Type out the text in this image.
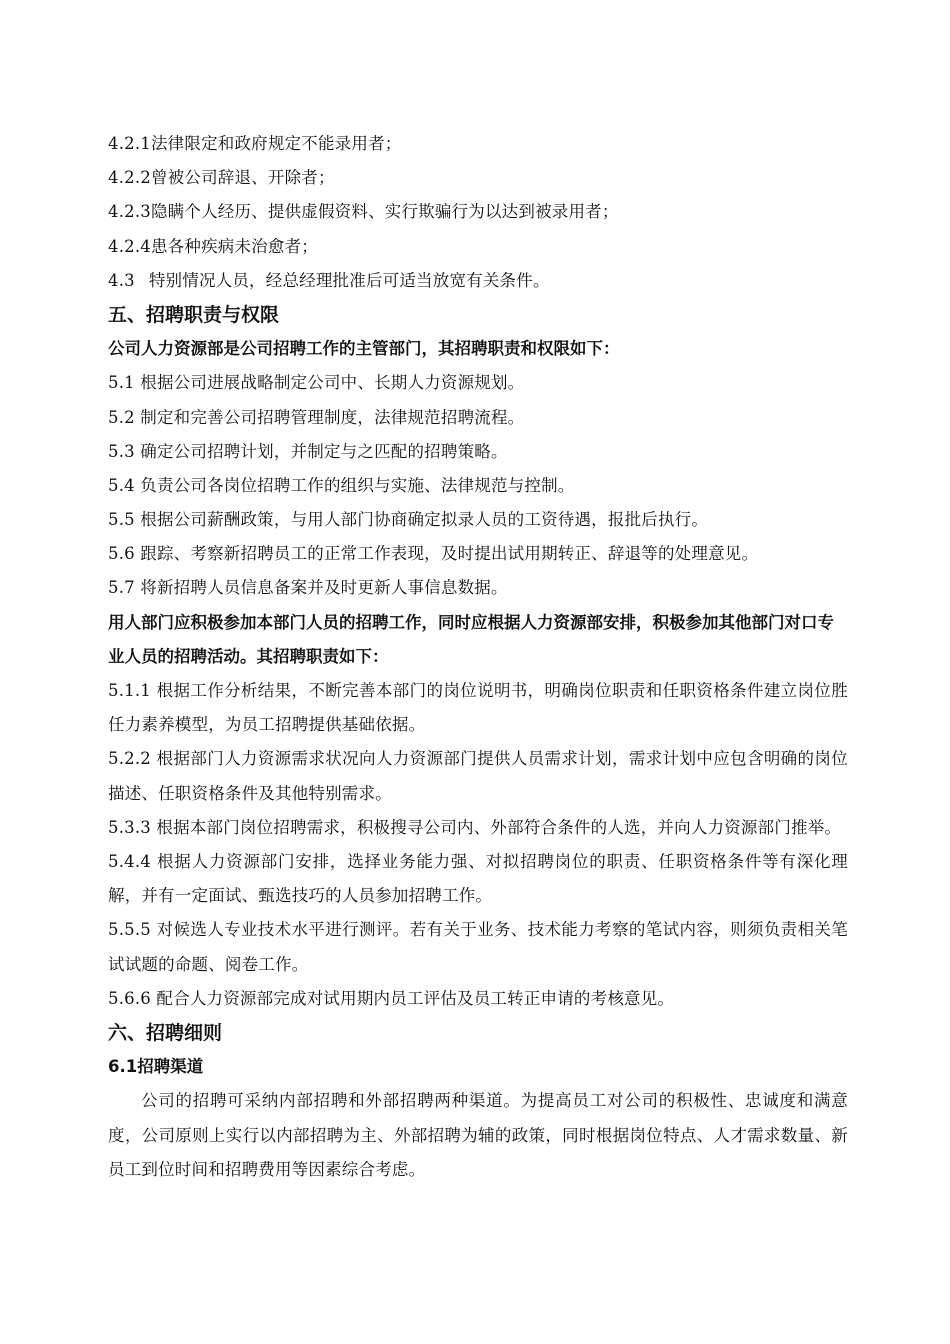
4.2.1法律限定和政府规定不能录用者；
4.2.2曾被公司辞退、开除者；
4.2.3隐瞒个人经历、提供虚假资料、实行欺骗行为以达到被录用者；
4.2.4患各种疾病未治愈者；
4.3 特别情况人员，经总经理批准后可适当放宽有关条件。
五、招聘职责与权限
公司人力资源部是公司招聘工作的主管部门，其招聘职责和权限如下：
5.1 根据公司进展战略制定公司中、长期人力资源规划。
5.2 制定和完善公司招聘管理制度，法律规范招聘流程。
5.3 确定公司招聘计划，并制定与之匹配的招聘策略。
5.4 负责公司各岗位招聘工作的组织与实施、法律规范与控制。
5.5 根据公司薪酬政策，与用人部门协商确定拟录人员的工资待遇，报批后执行。
5.6 跟踪、考察新招聘员工的正常工作表现，及时提出试用期转正、辞退等的处理意见。
5.7 将新招聘人员信息备案并及时更新人事信息数据。
用人部门应积极参加本部门人员的招聘工作，同时应根据人力资源部安排，积极参加其他部门对口专业人员的招聘活动。其招聘职责如下：
5.1.1 根据工作分析结果，不断完善本部门的岗位说明书，明确岗位职责和任职资格条件建立岗位胜任力素养模型，为员工招聘提供基础依据。
5.2.2 根据部门人力资源需求状况向人力资源部门提供人员需求计划，需求计划中应包含明确的岗位描述、任职资格条件及其他特别需求。
5.3.3 根据本部门岗位招聘需求，积极搜寻公司内、外部符合条件的人选，并向人力资源部门推举。
5.4.4 根据人力资源部门安排，选择业务能力强、对拟招聘岗位的职责、任职资格条件等有深化理解，并有一定面试、甄选技巧的人员参加招聘工作。
5.5.5 对候选人专业技术水平进行测评。若有关于业务、技术能力考察的笔试内容，则须负责相关笔试试题的命题、阅卷工作。
5.6.6 配合人力资源部完成对试用期内员工评估及员工转正申请的考核意见。
六、招聘细则
6.1招聘渠道
公司的招聘可采纳内部招聘和外部招聘两种渠道。为提高员工对公司的积极性、忠诚度和满意度，公司原则上实行以内部招聘为主、外部招聘为辅的政策，同时根据岗位特点、人才需求数量、新员工到位时间和招聘费用等因素综合考虑。
